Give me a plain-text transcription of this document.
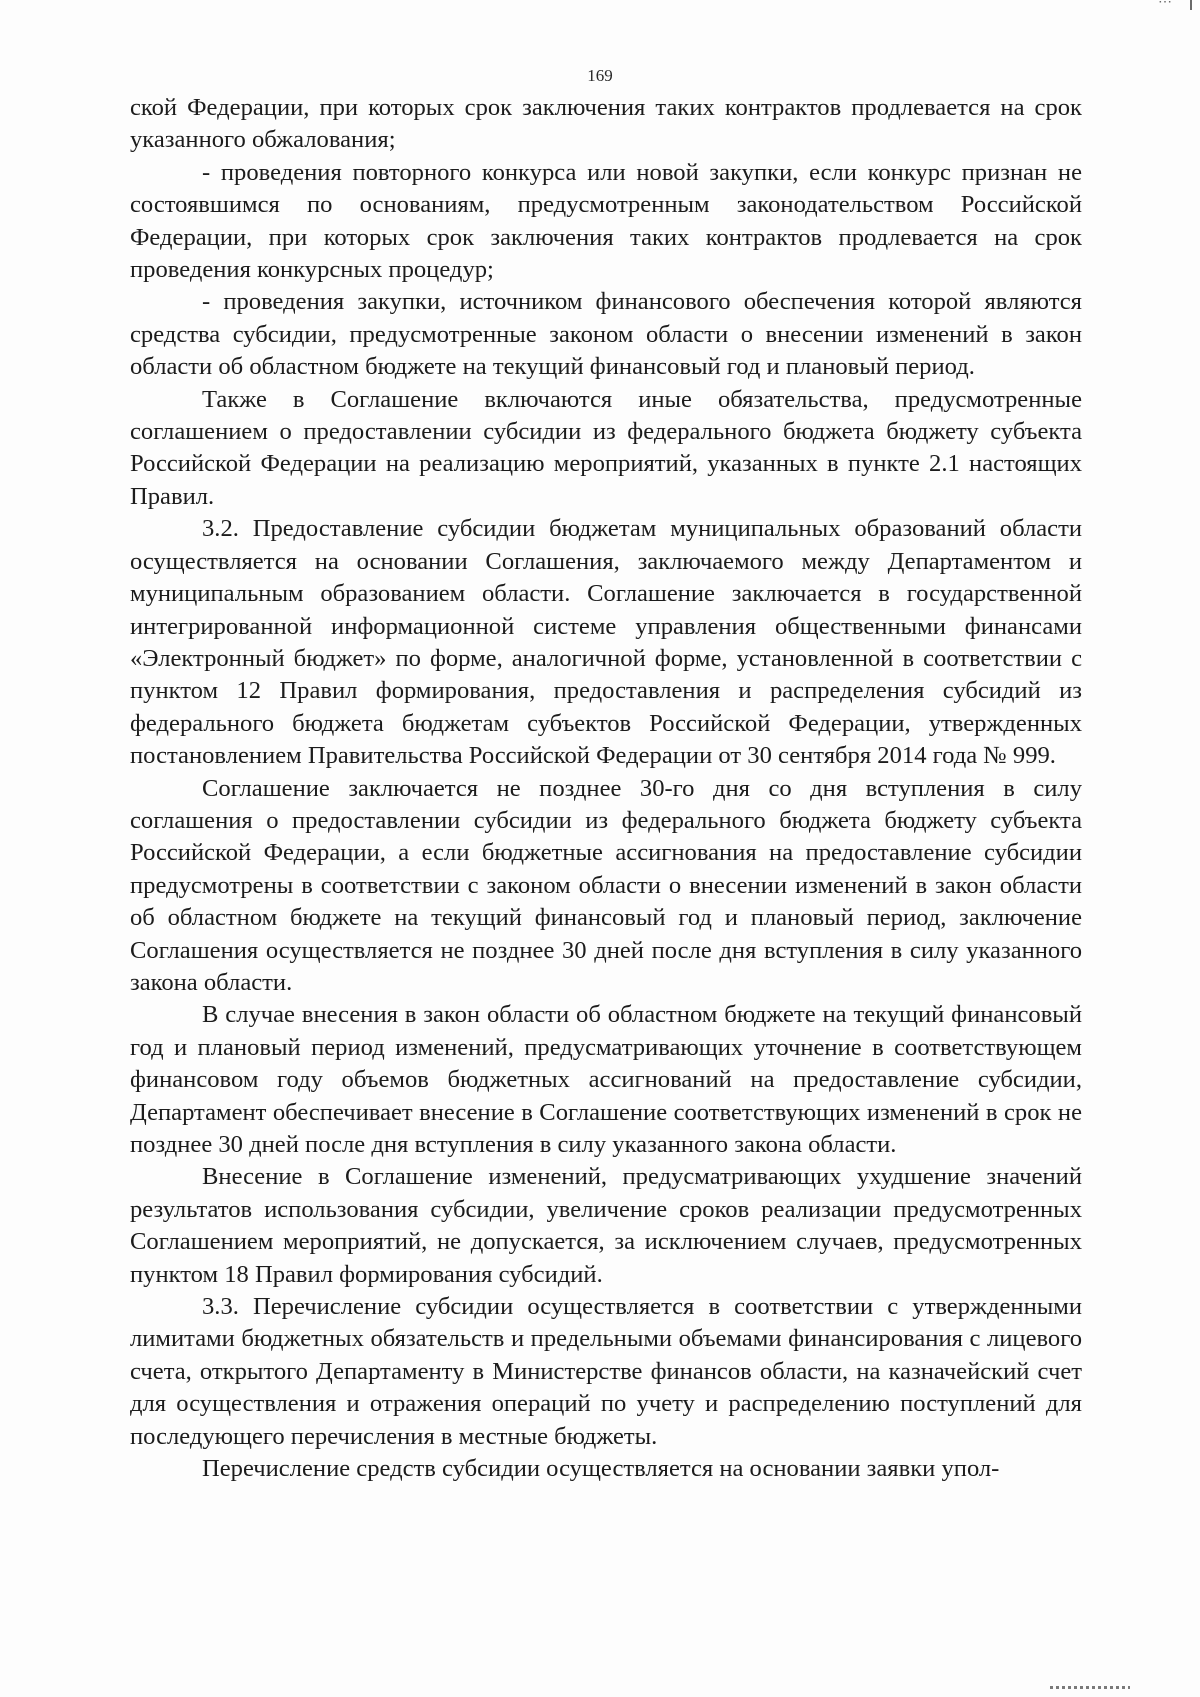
⋯
169

ской Федерации, при которых срок заключения таких контрактов продлевается на срок указанного обжалования;

- проведения повторного конкурса или новой закупки, если конкурс признан не состоявшимся по основаниям, предусмотренным законодательством Российской Федерации, при которых срок заключения таких контрактов продлевается на срок проведения конкурсных процедур;

- проведения закупки, источником финансового обеспечения которой являются средства субсидии, предусмотренные законом области о внесении изменений в закон области об областном бюджете на текущий финансовый год и плановый период.

Также в Соглашение включаются иные обязательства, предусмотренные соглашением о предоставлении субсидии из федерального бюджета бюджету субъекта Российской Федерации на реализацию мероприятий, указанных в пункте 2.1 настоящих Правил.

3.2. Предоставление субсидии бюджетам муниципальных образований области осуществляется на основании Соглашения, заключаемого между Департаментом и муниципальным образованием области. Соглашение заключается в государственной интегрированной информационной системе управления общественными финансами «Электронный бюджет» по форме, аналогичной форме, установленной в соответствии с пунктом 12 Правил формирования, предоставления и распределения субсидий из федерального бюджета бюджетам субъектов Российской Федерации, утвержденных постановлением Правительства Российской Федерации от 30 сентября 2014 года № 999.

Соглашение заключается не позднее 30-го дня со дня вступления в силу соглашения о предоставлении субсидии из федерального бюджета бюджету субъекта Российской Федерации, а если бюджетные ассигнования на предоставление субсидии предусмотрены в соответствии с законом области о внесении изменений в закон области об областном бюджете на текущий финансовый год и плановый период, заключение Соглашения осуществляется не позднее 30 дней после дня вступления в силу указанного закона области.

В случае внесения в закон области об областном бюджете на текущий финансовый год и плановый период изменений, предусматривающих уточнение в соответствующем финансовом году объемов бюджетных ассигнований на предоставление субсидии, Департамент обеспечивает внесение в Соглашение соответствующих изменений в срок не позднее 30 дней после дня вступления в силу указанного закона области.

Внесение в Соглашение изменений, предусматривающих ухудшение значений результатов использования субсидии, увеличение сроков реализации предусмотренных Соглашением мероприятий, не допускается, за исключением случаев, предусмотренных пунктом 18 Правил формирования субсидий.

3.3. Перечисление субсидии осуществляется в соответствии с утвержденными лимитами бюджетных обязательств и предельными объемами финансирования с лицевого счета, открытого Департаменту в Министерстве финансов области, на казначейский счет для осуществления и отражения операций по учету и распределению поступлений для последующего перечисления в местные бюджеты.

Перечисление средств субсидии осуществляется на основании заявки упол-
